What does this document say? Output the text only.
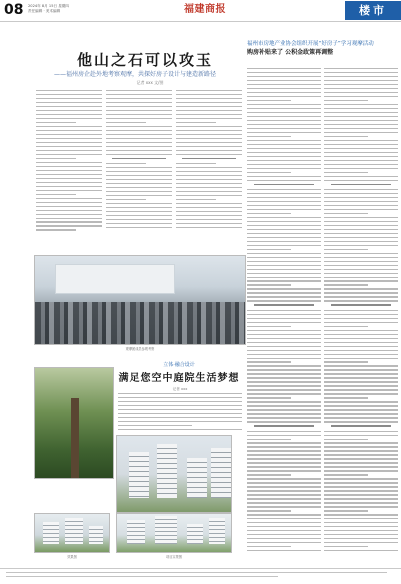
08 2024年 8月 15日 星期四
责任编辑 · 美术编辑	福建商报	楼市
他山之石可以攻玉
——福州房企赴外地考察观摩，共探好房子设计与建造新路径
记者 xxx 文/图
福州市房地产业协会组织开展“好房子”学习观摩活动
购房补贴来了 公积金政策再调整
观摩团成员参观考察
立体·融合设计
满足您空中庭院生活梦想
记者 xxx
效果图	项目实景图
